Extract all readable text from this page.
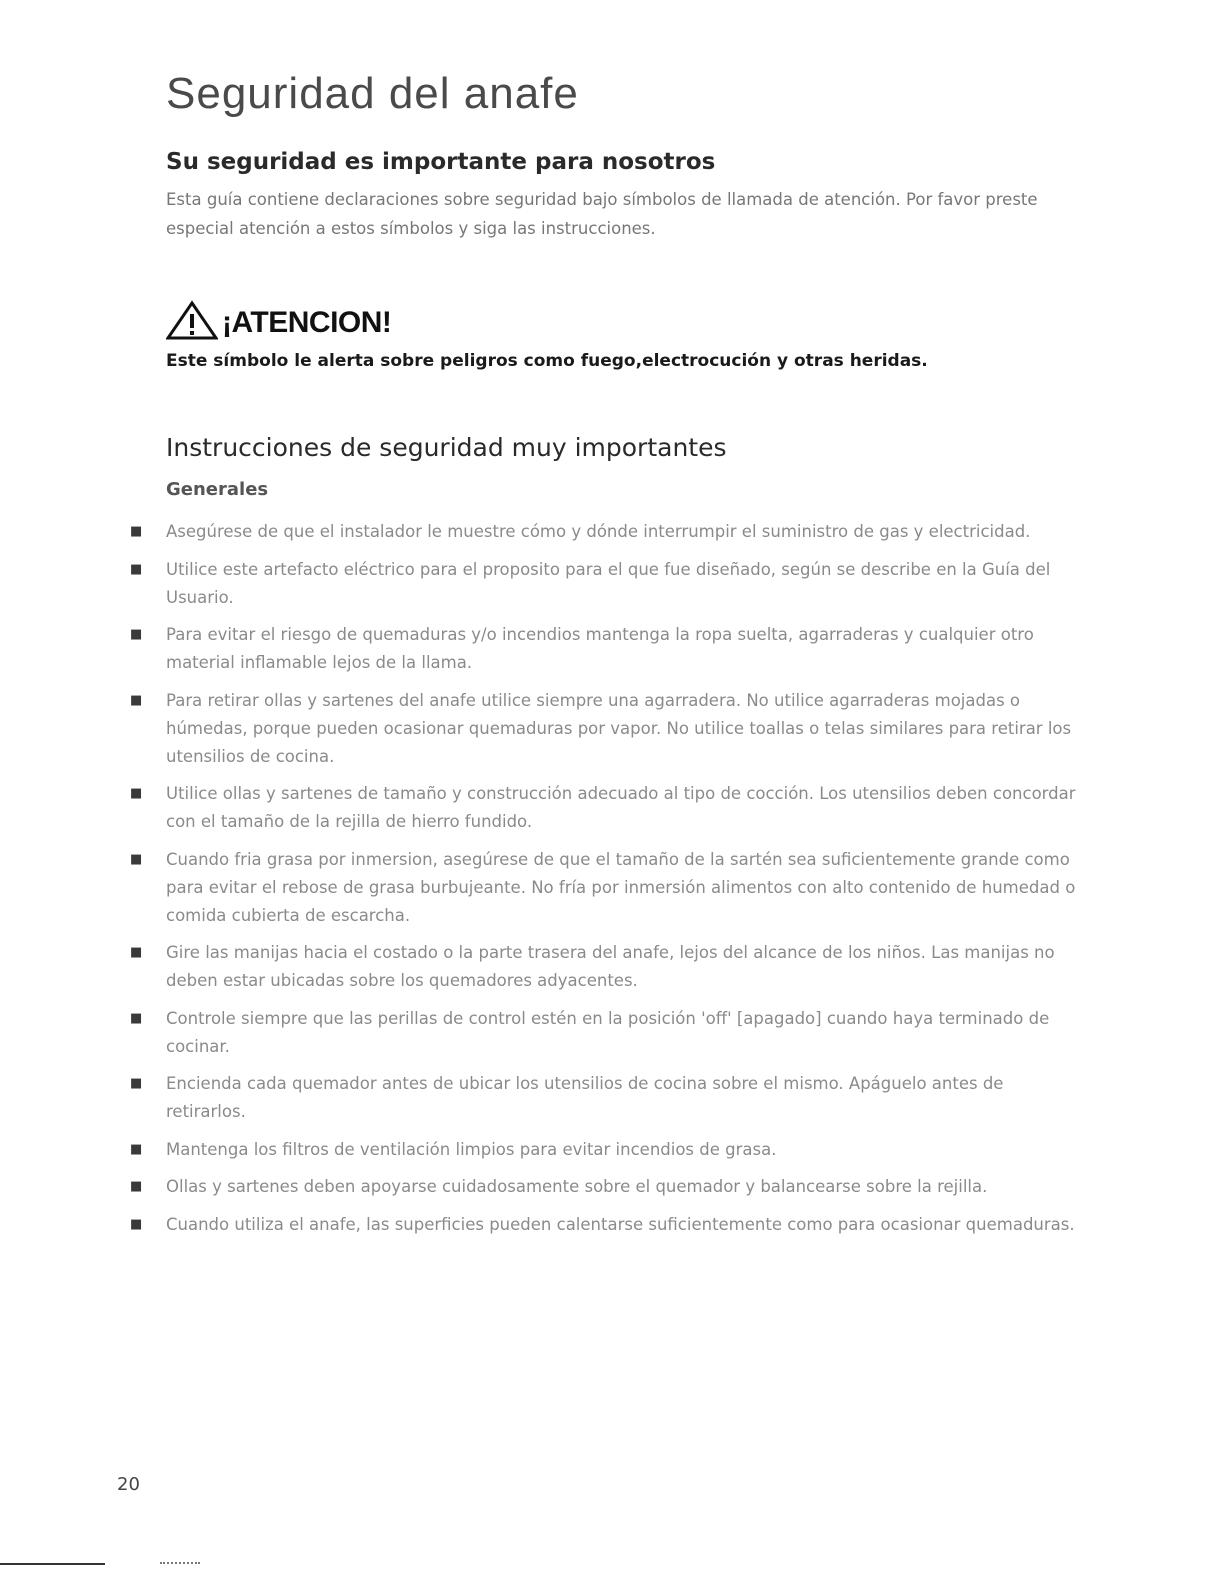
Seguridad del anafe
Su seguridad es importante para nosotros

Esta guía contiene declaraciones sobre seguridad bajo símbolos de llamada de atención. Por favor preste especial atención a estos símbolos y siga las instrucciones.

¡ATENCION!

Este símbolo le alerta sobre peligros como fuego,electrocución y otras heridas.

Instrucciones de seguridad muy importantes
Generales
■ Asegúrese de que el instalador le muestre cómo y dónde interrumpir el suministro de gas y electricidad.
■ Utilice este artefacto eléctrico para el proposito para el que fue diseñado, según se describe en la Guía del Usuario.
■ Para evitar el riesgo de quemaduras y/o incendios mantenga la ropa suelta, agarraderas y cualquier otro material inflamable lejos de la llama.
■ Para retirar ollas y sartenes del anafe utilice siempre una agarradera. No utilice agarraderas mojadas o húmedas, porque pueden ocasionar quemaduras por vapor. No utilice toallas o telas similares para retirar los utensilios de cocina.
■ Utilice ollas y sartenes de tamaño y construcción adecuado al tipo de cocción. Los utensilios deben concordar con el tamaño de la rejilla de hierro fundido.
■ Cuando fria grasa por inmersion, asegúrese de que el tamaño de la sartén sea suficientemente grande como para evitar el rebose de grasa burbujeante. No fría por inmersión alimentos con alto contenido de humedad o comida cubierta de escarcha.
■ Gire las manijas hacia el costado o la parte trasera del anafe, lejos del alcance de los niños. Las manijas no deben estar ubicadas sobre los quemadores adyacentes.
■ Controle siempre que las perillas de control estén en la posición 'off' [apagado] cuando haya terminado de cocinar.
■ Encienda cada quemador antes de ubicar los utensilios de cocina sobre el mismo. Apáguelo antes de retirarlos.
■ Mantenga los filtros de ventilación limpios para evitar incendios de grasa.
■ Ollas y sartenes deben apoyarse cuidadosamente sobre el quemador y balancearse sobre la rejilla.
■ Cuando utiliza el anafe, las superficies pueden calentarse suficientemente como para ocasionar quemaduras.
20
